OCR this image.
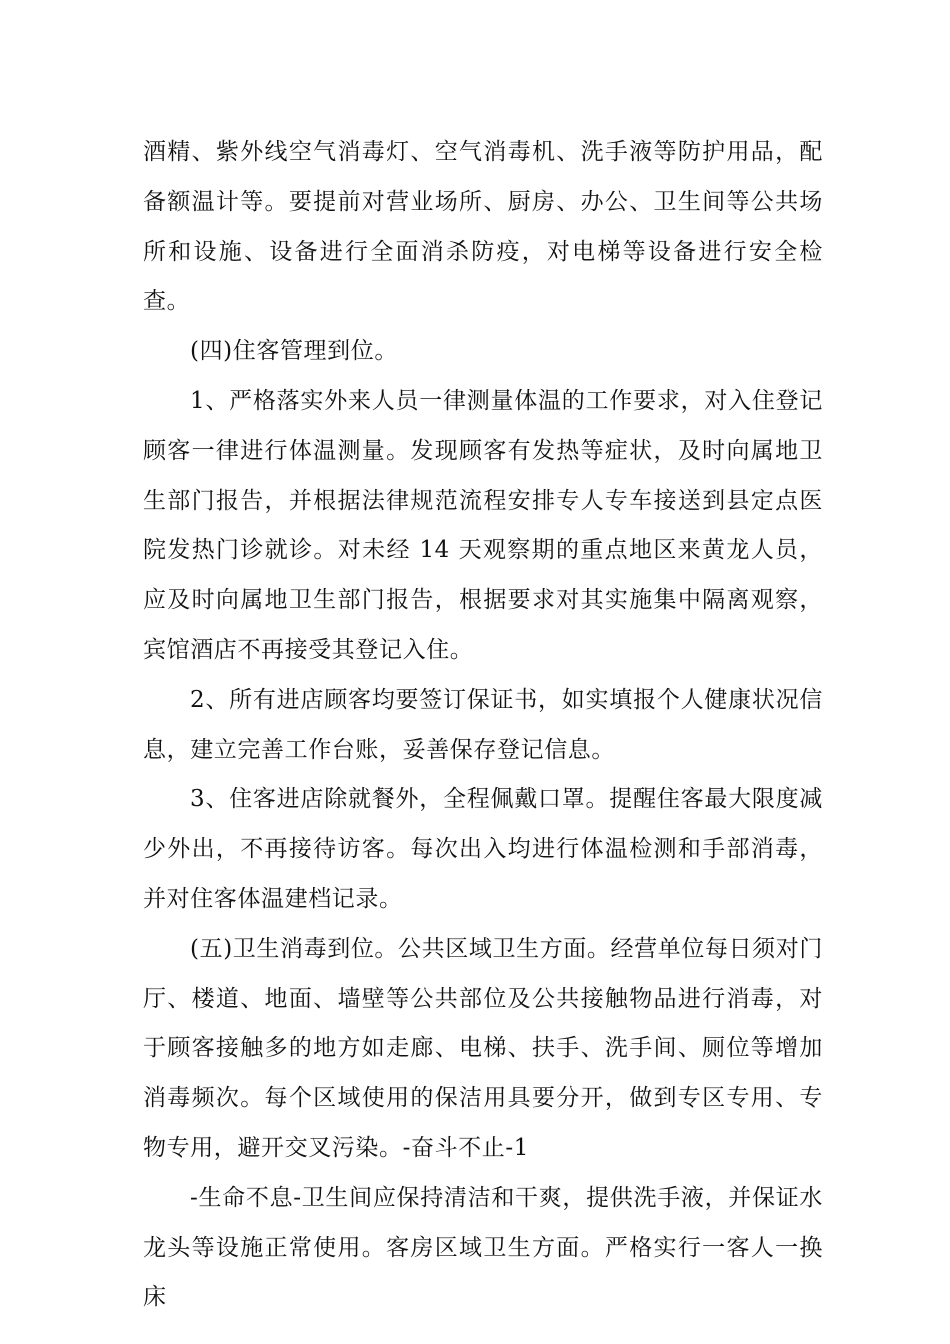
酒精、紫外线空气消毒灯、空气消毒机、洗手液等防护用品，配备额温计等。要提前对营业场所、厨房、办公、卫生间等公共场所和设施、设备进行全面消杀防疫，对电梯等设备进行安全检查。

(四)住客管理到位。

1、严格落实外来人员一律测量体温的工作要求，对入住登记顾客一律进行体温测量。发现顾客有发热等症状，及时向属地卫生部门报告，并根据法律规范流程安排专人专车接送到县定点医院发热门诊就诊。对未经 14 天观察期的重点地区来黄龙人员，应及时向属地卫生部门报告，根据要求对其实施集中隔离观察，宾馆酒店不再接受其登记入住。

2、所有进店顾客均要签订保证书，如实填报个人健康状况信息，建立完善工作台账，妥善保存登记信息。

3、住客进店除就餐外，全程佩戴口罩。提醒住客最大限度减少外出，不再接待访客。每次出入均进行体温检测和手部消毒，并对住客体温建档记录。

(五)卫生消毒到位。公共区域卫生方面。经营单位每日须对门厅、楼道、地面、墙壁等公共部位及公共接触物品进行消毒，对于顾客接触多的地方如走廊、电梯、扶手、洗手间、厕位等增加消毒频次。每个区域使用的保洁用具要分开，做到专区专用、专物专用，避开交叉污染。-奋斗不止-1

-生命不息-卫生间应保持清洁和干爽，提供洗手液，并保证水龙头等设施正常使用。客房区域卫生方面。严格实行一客人一换床
